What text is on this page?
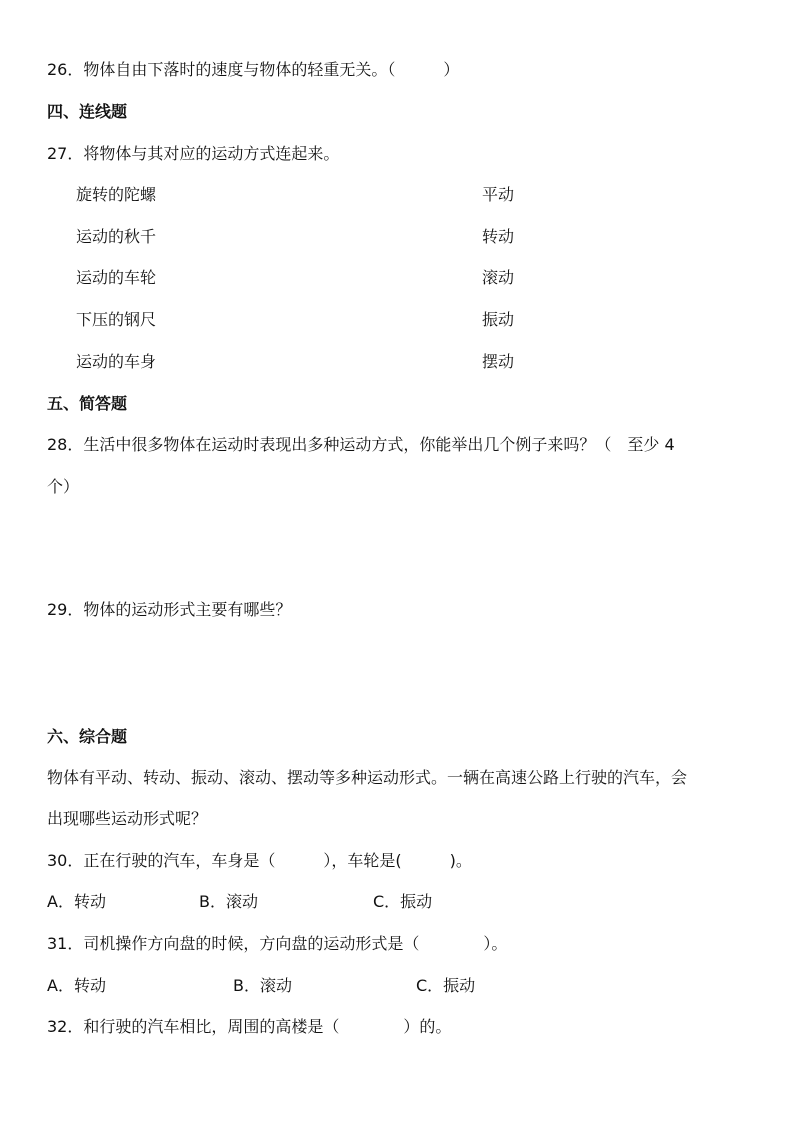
26．物体自由下落时的速度与物体的轻重无关。（　　　）
四、连线题
27．将物体与其对应的运动方式连起来。
旋转的陀螺	平动
运动的秋千	转动
运动的车轮	滚动
下压的钢尺	振动
运动的车身	摆动
五、简答题
28．生活中很多物体在运动时表现出多种运动方式，你能举出几个例子来吗？（　至少 4
个）
29．物体的运动形式主要有哪些？
六、综合题
物体有平动、转动、振动、滚动、摆动等多种运动形式。一辆在高速公路上行驶的汽车，会
出现哪些运动形式呢？
30．正在行驶的汽车，车身是（　　　），车轮是(　　　)。
A．转动	B．滚动	C．振动
31．司机操作方向盘的时候，方向盘的运动形式是（　　　　）。
A．转动	B．滚动	C．振动
32．和行驶的汽车相比，周围的高楼是（　　　　）的。
